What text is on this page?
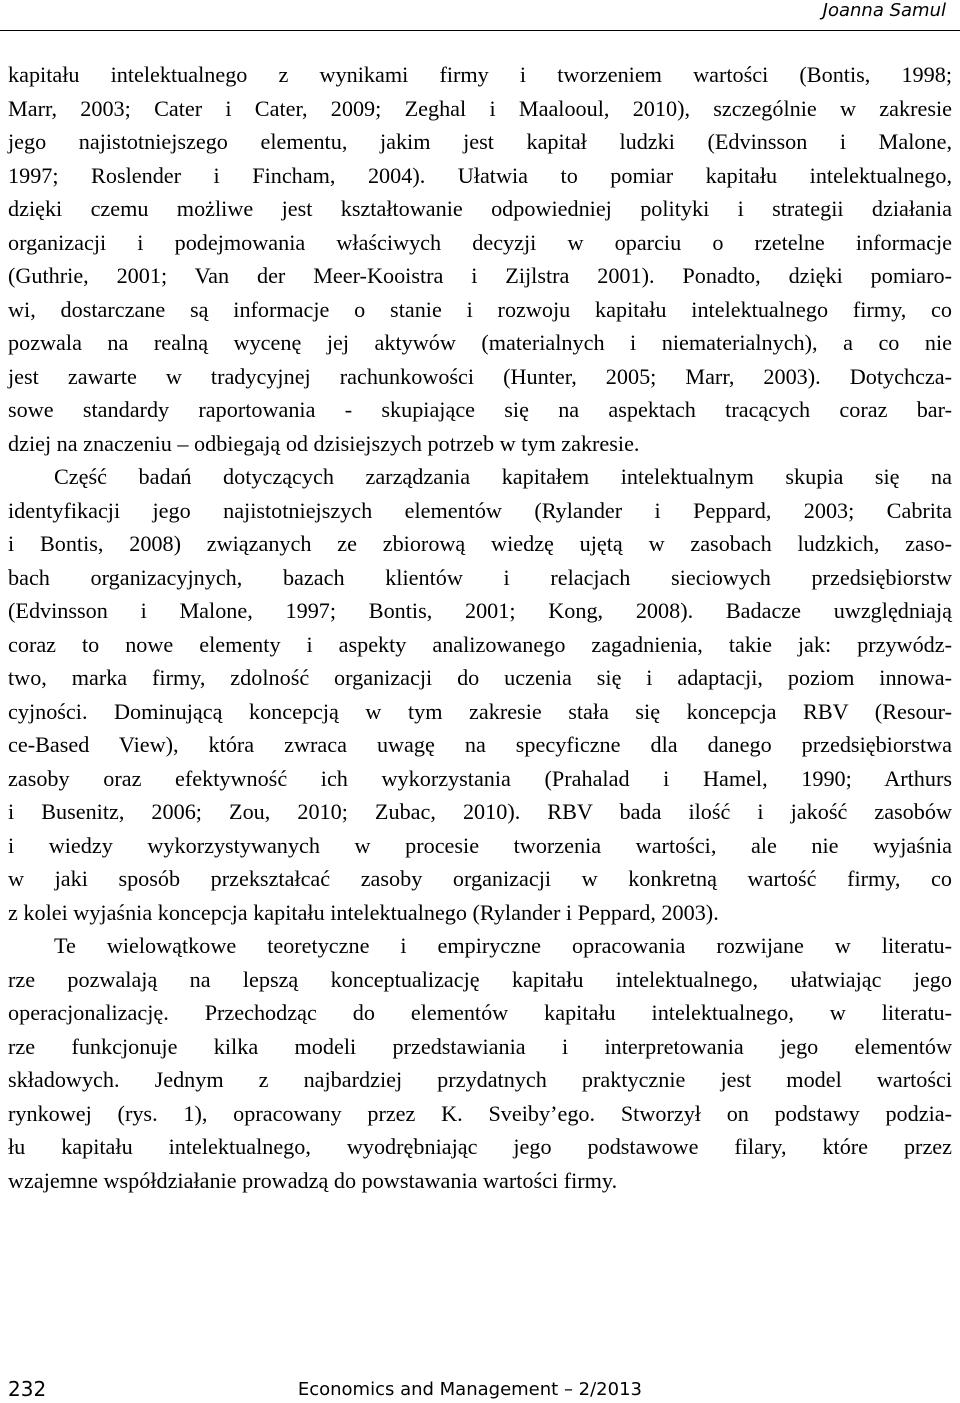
Joanna Samul
kapitału intelektualnego z wynikami firmy i tworzeniem wartości (Bontis, 1998;
Marr, 2003; Cater i Cater, 2009; Zeghal i Maalooul, 2010), szczególnie w zakresie
jego najistotniejszego elementu, jakim jest kapitał ludzki (Edvinsson i Malone,
1997; Roslender i Fincham, 2004). Ułatwia to pomiar kapitału intelektualnego,
dzięki czemu możliwe jest kształtowanie odpowiedniej polityki i strategii działania
organizacji i podejmowania właściwych decyzji w oparciu o rzetelne informacje
(Guthrie, 2001; Van der Meer-Kooistra i Zijlstra 2001). Ponadto, dzięki pomiaro-
wi, dostarczane są informacje o stanie i rozwoju kapitału intelektualnego firmy, co
pozwala na realną wycenę jej aktywów (materialnych i niematerialnych), a co nie
jest zawarte w tradycyjnej rachunkowości (Hunter, 2005; Marr, 2003). Dotychcza-
sowe standardy raportowania - skupiające się na aspektach tracących coraz bar-
dziej na znaczeniu – odbiegają od dzisiejszych potrzeb w tym zakresie.
Część badań dotyczących zarządzania kapitałem intelektualnym skupia się na
identyfikacji jego najistotniejszych elementów (Rylander i Peppard, 2003; Cabrita
i Bontis, 2008) związanych ze zbiorową wiedzę ujętą w zasobach ludzkich, zaso-
bach organizacyjnych, bazach klientów i relacjach sieciowych przedsiębiorstw
(Edvinsson i Malone, 1997; Bontis, 2001; Kong, 2008). Badacze uwzględniają
coraz to nowe elementy i aspekty analizowanego zagadnienia, takie jak: przywódz-
two, marka firmy, zdolność organizacji do uczenia się i adaptacji, poziom innowa-
cyjności. Dominującą koncepcją w tym zakresie stała się koncepcja RBV (Resour-
ce-Based View), która zwraca uwagę na specyficzne dla danego przedsiębiorstwa
zasoby oraz efektywność ich wykorzystania (Prahalad i Hamel, 1990; Arthurs
i Busenitz, 2006; Zou, 2010; Zubac, 2010). RBV bada ilość i jakość zasobów
i wiedzy wykorzystywanych w procesie tworzenia wartości, ale nie wyjaśnia
w jaki sposób przekształcać zasoby organizacji w konkretną wartość firmy, co
z kolei wyjaśnia koncepcja kapitału intelektualnego (Rylander i Peppard, 2003).
Te wielowątkowe teoretyczne i empiryczne opracowania rozwijane w literatu-
rze pozwalają na lepszą konceptualizację kapitału intelektualnego, ułatwiając jego
operacjonalizację. Przechodząc do elementów kapitału intelektualnego, w literatu-
rze funkcjonuje kilka modeli przedstawiania i interpretowania jego elementów
składowych. Jednym z najbardziej przydatnych praktycznie jest model wartości
rynkowej (rys. 1), opracowany przez K. Sveiby’ego. Stworzył on podstawy podzia-
łu kapitału intelektualnego, wyodrębniając jego podstawowe filary, które przez
wzajemne współdziałanie prowadzą do powstawania wartości firmy.
232	Economics and Management – 2/2013
